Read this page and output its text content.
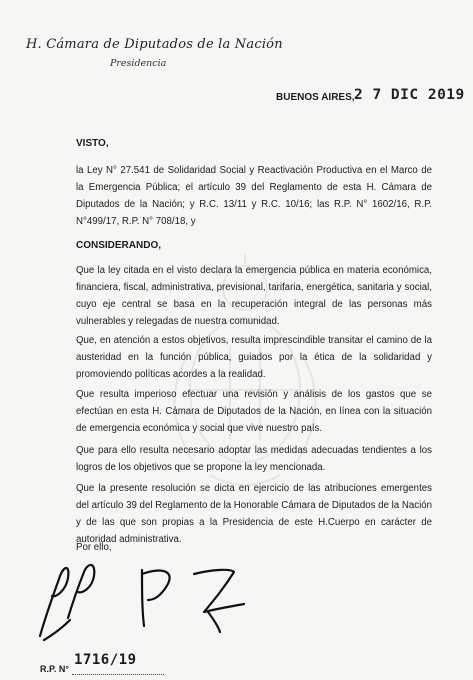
H. Cámara de Diputados de la Nación
Presidencia
BUENOS AIRES, 2 7 DIC 2019
VISTO,

la Ley N° 27.541 de Solidaridad Social y Reactivación Productiva en el Marco de la Emergencia Pública; el artículo 39 del Reglamento de esta H. Cámara de Diputados de la Nación; y R.C. 13/11 y R.C. 10/16; las R.P. N° 1602/16, R.P. N°499/17, R.P. N° 708/18, y

CONSIDERANDO,

Que la ley citada en el visto declara la emergencia pública en materia económica, financiera, fiscal, administrativa, previsional, tarifaria, energética, sanitaria y social, cuyo eje central se basa en la recuperación integral de las personas más vulnerables y relegadas de nuestra comunidad.

Que, en atención a estos objetivos, resulta imprescindible transitar el camino de la austeridad en la función pública, guiados por la ética de la solidaridad y promoviendo políticas acordes a la realidad.

Que resulta imperioso efectuar una revisión y análisis de los gastos que se efectúan en esta H. Cámara de Diputados de la Nación, en línea con la situación de emergencia económica y social que vive nuestro país.

Que para ello resulta necesario adoptar las medidas adecuadas tendientes a los logros de los objetivos que se propone la ley mencionada.

Que la presente resolución se dicta en ejercicio de las atribuciones emergentes del artículo 39 del Reglamento de la Honorable Cámara de Diputados de la Nación y de las que son propias a la Presidencia de este H.Cuerpo en carácter de autoridad administrativa.

Por ello,
R.P. N°
1716/19
